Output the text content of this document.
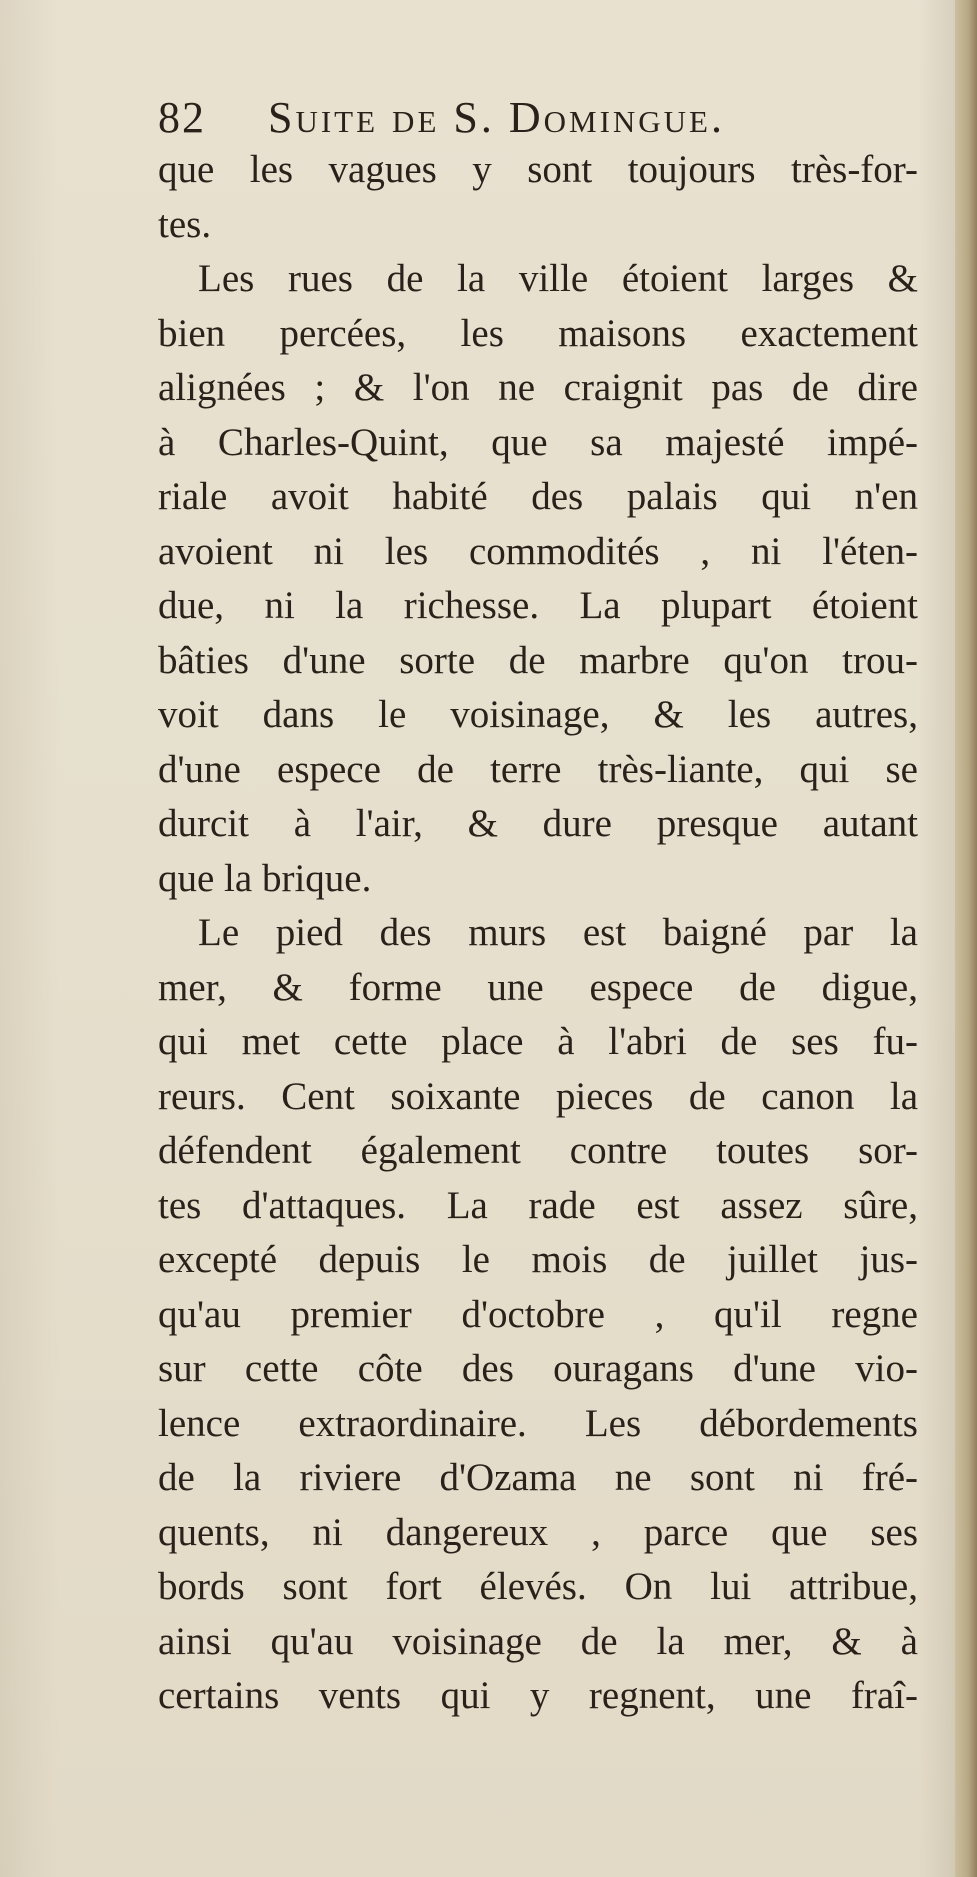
82 Suite de S. Domingue.
que les vagues y sont toujours très-for-
tes.
Les rues de la ville étoient larges &
bien percées, les maisons exactement
alignées ; & l'on ne craignit pas de dire
à Charles-Quint, que sa majesté impé-
riale avoit habité des palais qui n'en
avoient ni les commodités , ni l'éten-
due, ni la richesse. La plupart étoient
bâties d'une sorte de marbre qu'on trou-
voit dans le voisinage, & les autres,
d'une espece de terre très-liante, qui se
durcit à l'air, & dure presque autant
que la brique.
Le pied des murs est baigné par la
mer, & forme une espece de digue,
qui met cette place à l'abri de ses fu-
reurs. Cent soixante pieces de canon la
défendent également contre toutes sor-
tes d'attaques. La rade est assez sûre,
excepté depuis le mois de juillet jus-
qu'au premier d'octobre , qu'il regne
sur cette côte des ouragans d'une vio-
lence extraordinaire. Les débordements
de la riviere d'Ozama ne sont ni fré-
quents, ni dangereux , parce que ses
bords sont fort élevés. On lui attribue,
ainsi qu'au voisinage de la mer, & à
certains vents qui y regnent, une fraî-
